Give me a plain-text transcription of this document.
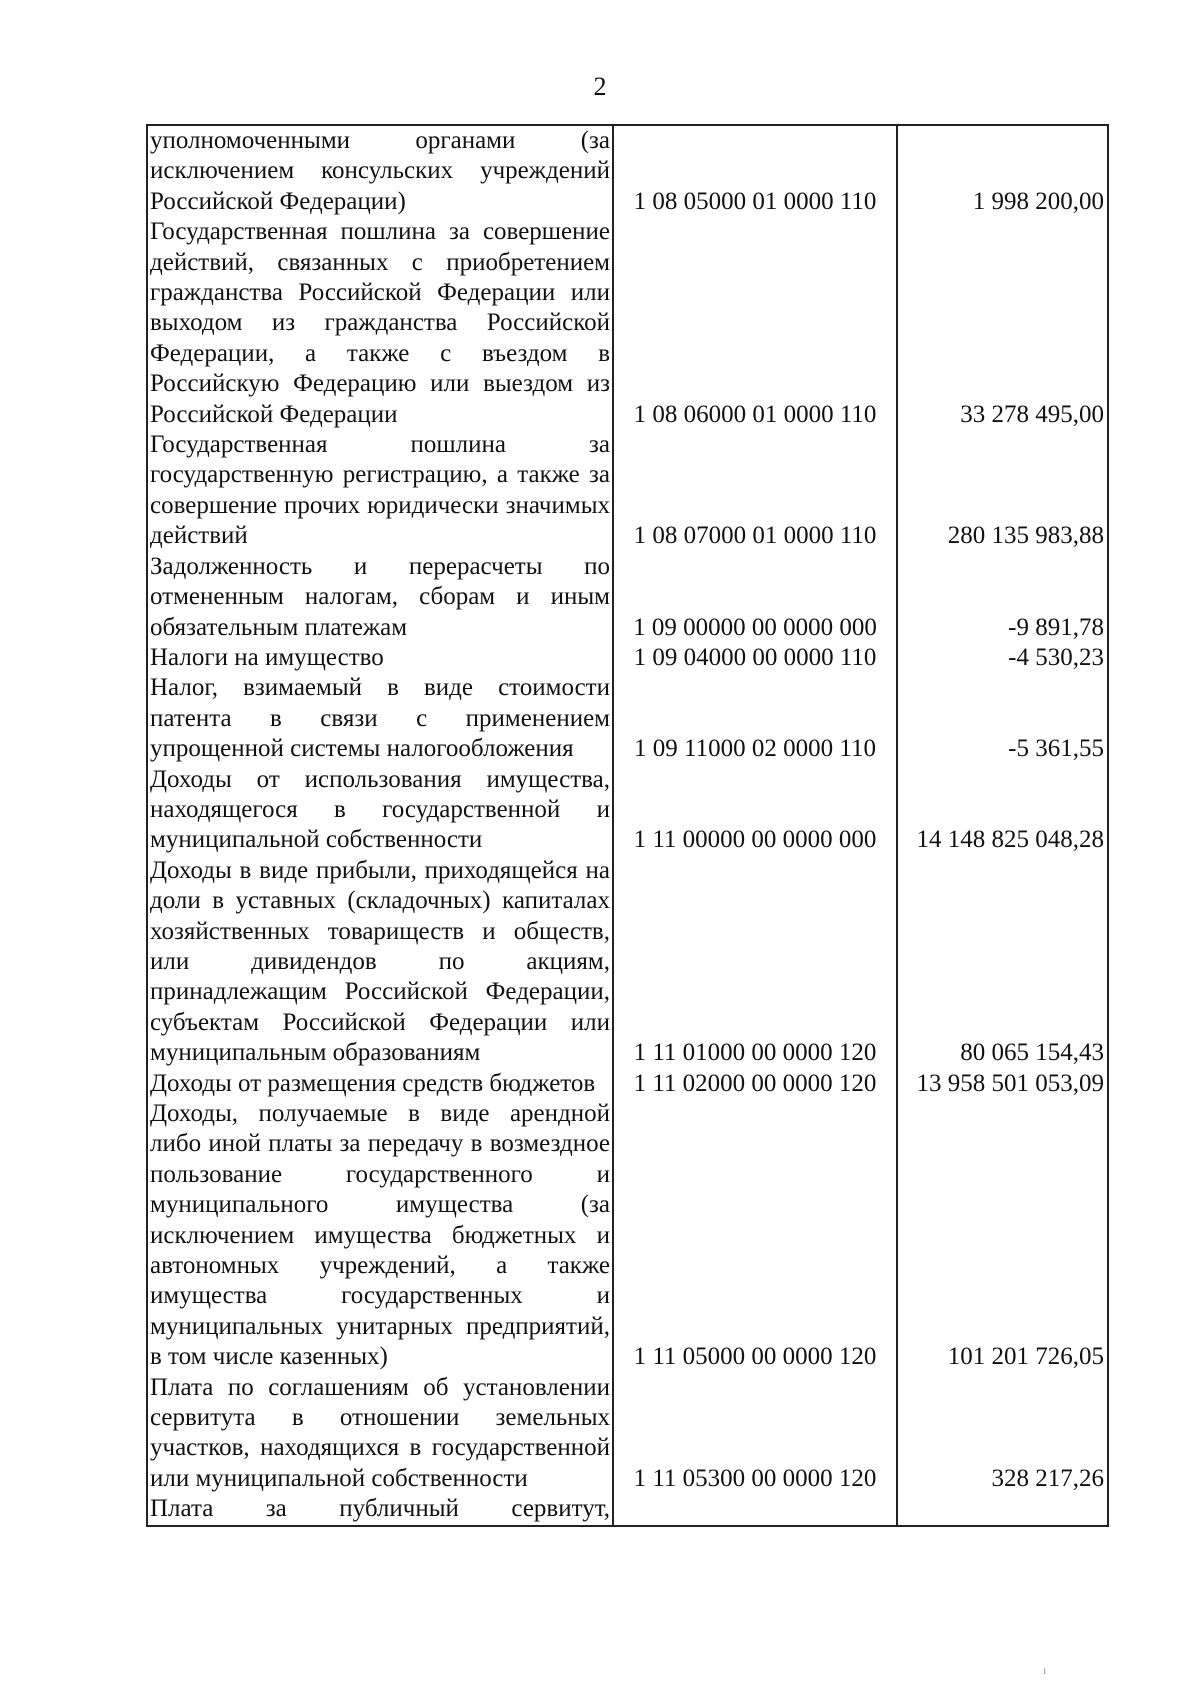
2
уполномоченными органами (за исключением консульских учреждений Российской Федерации)	1 08 05000 01 0000 110	1 998 200,00
Государственная пошлина за совершение действий, связанных с приобретением гражданства Российской Федерации или выходом из гражданства Российской Федерации, а также с въездом в Российскую Федерацию или выездом из Российской Федерации	1 08 06000 01 0000 110	33 278 495,00
Государственная пошлина за государственную регистрацию, а также за совершение прочих юридически значимых действий	1 08 07000 01 0000 110	280 135 983,88
Задолженность и перерасчеты по отмененным налогам, сборам и иным обязательным платежам	1 09 00000 00 0000 000	-9 891,78
Налоги на имущество	1 09 04000 00 0000 110	-4 530,23
Налог, взимаемый в виде стоимости патента в связи с применением упрощенной системы налогообложения	1 09 11000 02 0000 110	-5 361,55
Доходы от использования имущества, находящегося в государственной и муниципальной собственности	1 11 00000 00 0000 000	14 148 825 048,28
Доходы в виде прибыли, приходящейся на доли в уставных (складочных) капиталах хозяйственных товариществ и обществ, или дивидендов по акциям, принадлежащим Российской Федерации, субъектам Российской Федерации или муниципальным образованиям	1 11 01000 00 0000 120	80 065 154,43
Доходы от размещения средств бюджетов	1 11 02000 00 0000 120	13 958 501 053,09
Доходы, получаемые в виде арендной либо иной платы за передачу в возмездное пользование государственного и муниципального имущества (за исключением имущества бюджетных и автономных учреждений, а также имущества государственных и муниципальных унитарных предприятий, в том числе казенных)	1 11 05000 00 0000 120	101 201 726,05
Плата по соглашениям об установлении сервитута в отношении земельных участков, находящихся в государственной или муниципальной собственности	1 11 05300 00 0000 120	328 217,26
Плата за публичный сервитут,		
ı
